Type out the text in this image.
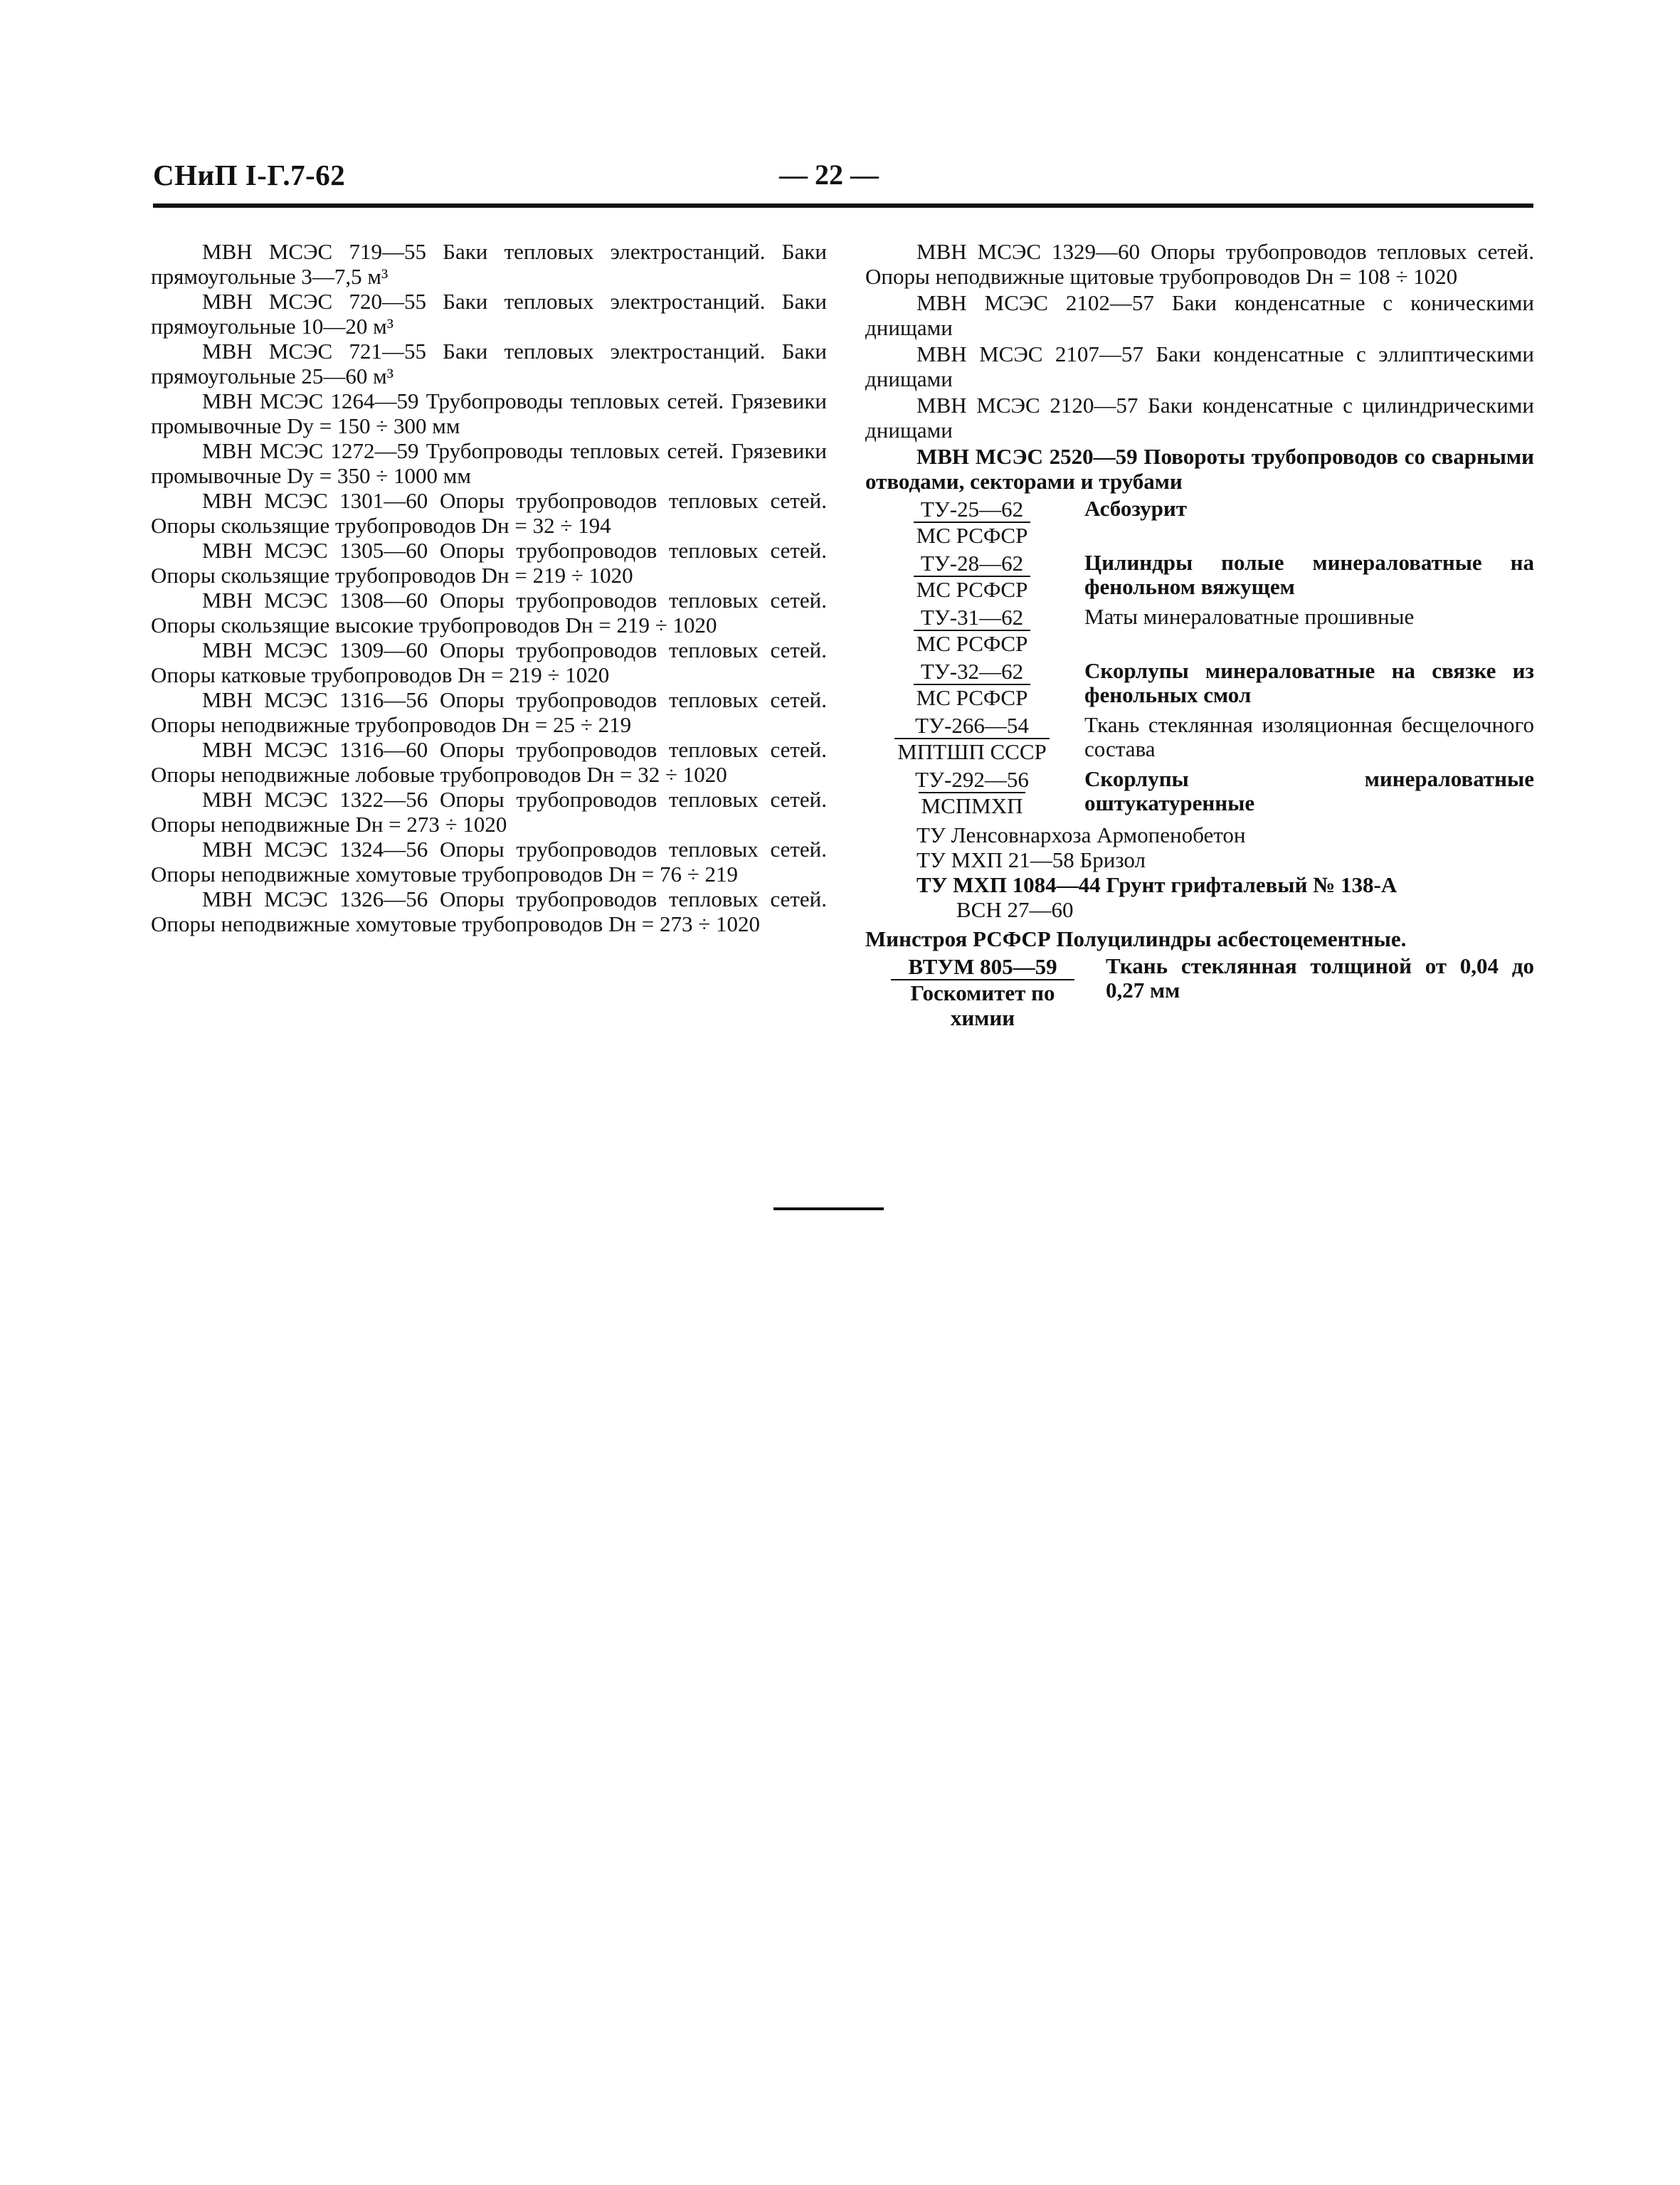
СНиП I-Г.7-62	— 22 —

МВН МСЭС 719—55 Баки тепловых электростанций. Баки прямоугольные 3—7,5 м³

МВН МСЭС 720—55 Баки тепловых электростанций. Баки прямоугольные 10—20 м³

МВН МСЭС 721—55 Баки тепловых электростанций. Баки прямоугольные 25—60 м³

МВН МСЭС 1264—59 Трубопроводы тепловых сетей. Грязевики промывочные Dу = 150 ÷ 300 мм

МВН МСЭС 1272—59 Трубопроводы тепловых сетей. Грязевики промывочные Dу = 350 ÷ 1000 мм

МВН МСЭС 1301—60 Опоры трубопроводов тепловых сетей. Опоры скользящие трубопроводов Dн = 32 ÷ 194

МВН МСЭС 1305—60 Опоры трубопроводов тепловых сетей. Опоры скользящие трубопроводов Dн = 219 ÷ 1020

МВН МСЭС 1308—60 Опоры трубопроводов тепловых сетей. Опоры скользящие высокие трубопроводов Dн = 219 ÷ 1020

МВН МСЭС 1309—60 Опоры трубопроводов тепловых сетей. Опоры катковые трубопроводов Dн = 219 ÷ 1020

МВН МСЭС 1316—56 Опоры трубопроводов тепловых сетей. Опоры неподвижные трубопроводов Dн = 25 ÷ 219

МВН МСЭС 1316—60 Опоры трубопроводов тепловых сетей. Опоры неподвижные лобовые трубопроводов Dн = 32 ÷ 1020

МВН МСЭС 1322—56 Опоры трубопроводов тепловых сетей. Опоры неподвижные Dн = 273 ÷ 1020

МВН МСЭС 1324—56 Опоры трубопроводов тепловых сетей. Опоры неподвижные хомутовые трубопроводов Dн = 76 ÷ 219

МВН МСЭС 1326—56 Опоры трубопроводов тепловых сетей. Опоры неподвижные хомутовые трубопроводов Dн = 273 ÷ 1020

МВН МСЭС 1329—60 Опоры трубопроводов тепловых сетей. Опоры неподвижные щитовые трубопроводов Dн = 108 ÷ 1020

МВН МСЭС 2102—57 Баки конденсатные с коническими днищами

МВН МСЭС 2107—57 Баки конденсатные с эллиптическими днищами

МВН МСЭС 2120—57 Баки конденсатные с цилиндрическими днищами

МВН МСЭС 2520—59 Повороты трубопроводов со сварными отводами, секторами и трубами

$\frac{ТУ-25—62}{\text{МС РСФСР}}$ Асбозурит
$\frac{ТУ-28—62}{\text{МС РСФСР}}$ Цилиндры полые минераловатные на фенольном вяжущем
$\frac{ТУ-31—62}{\text{МС РСФСР}}$ Маты минераловатные прошивные
$\frac{ТУ-32—62}{\text{МС РСФСР}}$ Скорлупы минераловатные на связке из фенольных смол
$\frac{ТУ-266—54}{\text{МПТШП СССР}}$ Ткань стеклянная изоляционная бесщелочного состава
$\frac{ТУ-292—56}{\text{МСПМХП}}$ Скорлупы минераловатные оштукатуренные

ТУ Ленсовнархоза Армопенобетон

ТУ МХП 21—58 Бризол

ТУ МХП 1084—44 Грунт грифталевый № 138-А

ВСН 27—60

Минстроя РСФСР Полуцилиндры асбестоцементные.

$\frac{\text{ВТУМ 805—59}}{\text{Госкомитет по химии}}$ Ткань стеклянная толщиной от 0,04 до 0,27 мм
